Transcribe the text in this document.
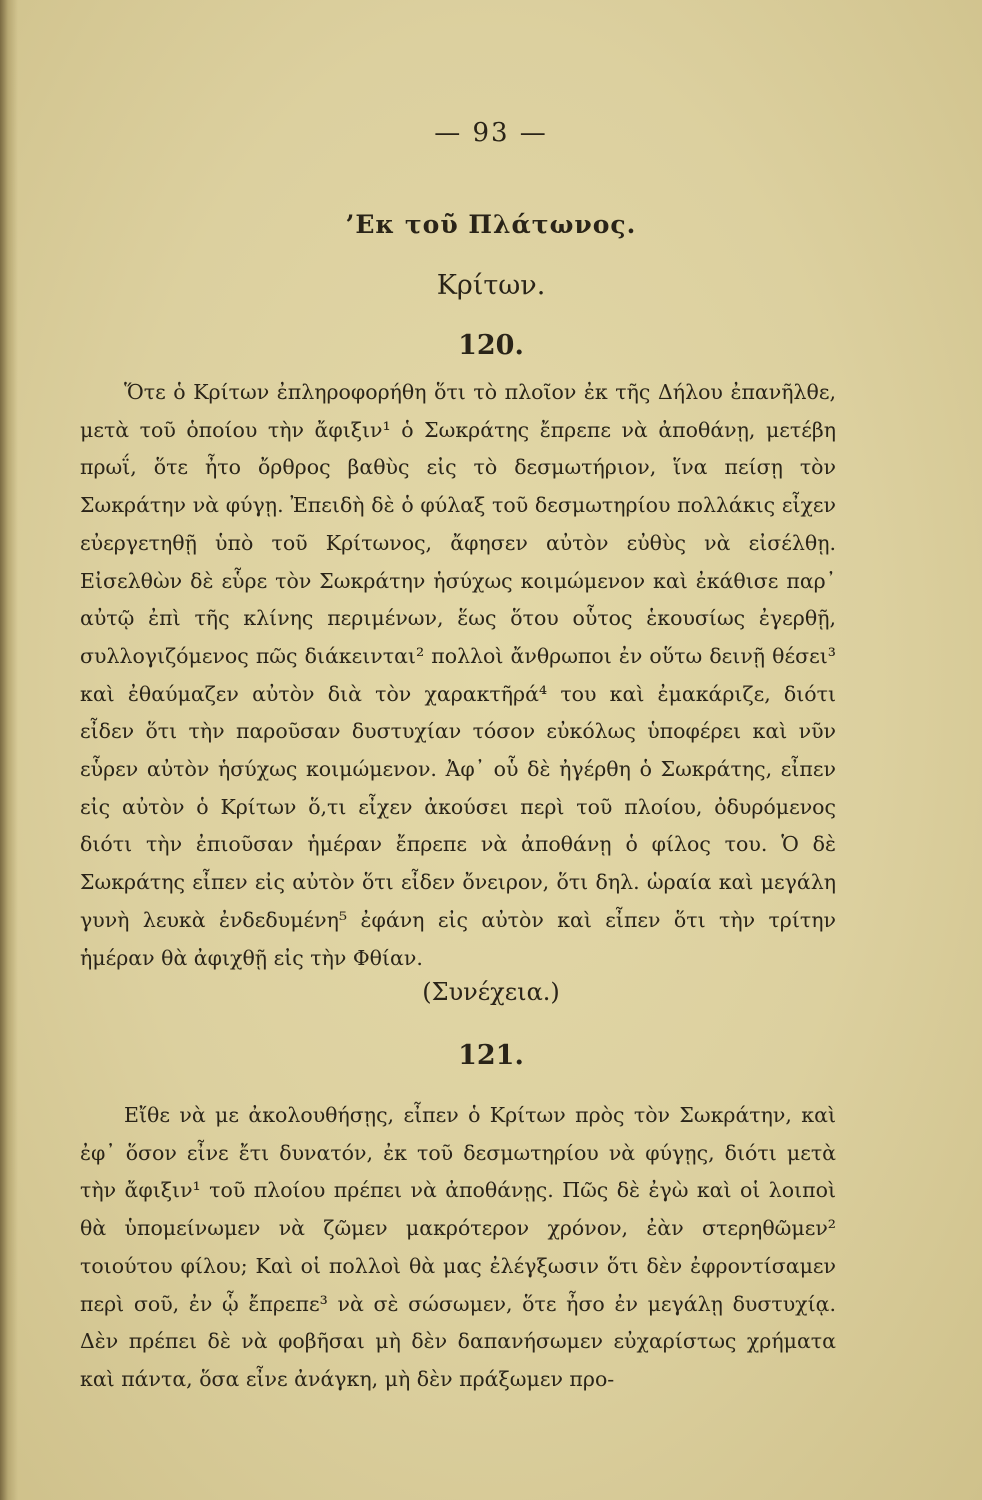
— 93 —
’Εκ τοῦ Πλάτωνος.
Κρίτων.
120.

Ὅτε ὁ Κρίτων ἐπληροφορήθη ὅτι τὸ πλοῖον ἐκ τῆς Δήλου ἐπανῆλθε, μετὰ τοῦ ὁποίου τὴν ἄφιξιν¹ ὁ Σωκράτης ἔπρεπε νὰ ἀποθάνῃ, μετέβη πρωΐ, ὅτε ἦτο ὄρθρος βαθὺς εἰς τὸ δεσμωτήριον, ἵνα πείσῃ τὸν Σωκράτην νὰ φύγῃ. Ἐπειδὴ δὲ ὁ φύλαξ τοῦ δεσμωτηρίου πολλάκις εἶχεν εὐεργετηθῇ ὑπὸ τοῦ Κρίτωνος, ἄφησεν αὐτὸν εὐθὺς νὰ εἰσέλθῃ. Εἰσελθὼν δὲ εὗρε τὸν Σωκράτην ἡσύχως κοιμώμενον καὶ ἐκάθισε παρ᾽ αὐτῷ ἐπὶ τῆς κλίνης περιμένων, ἕως ὅτου οὗτος ἑκουσίως ἐγερθῇ, συλλογιζόμενος πῶς διάκεινται² πολλοὶ ἄνθρωποι ἐν οὕτω δεινῇ θέσει³ καὶ ἐθαύμαζεν αὐτὸν διὰ τὸν χαρακτῆρά⁴ του καὶ ἐμακάριζε, διότι εἶδεν ὅτι τὴν παροῦσαν δυστυχίαν τόσον εὐκόλως ὑποφέρει καὶ νῦν εὗρεν αὐτὸν ἡσύχως κοιμώμενον. Ἀφ᾽ οὗ δὲ ἠγέρθη ὁ Σωκράτης, εἶπεν εἰς αὐτὸν ὁ Κρίτων ὅ,τι εἶχεν ἀκούσει περὶ τοῦ πλοίου, ὀδυρόμενος διότι τὴν ἐπιοῦσαν ἡμέραν ἔπρεπε νὰ ἀποθάνῃ ὁ φίλος του. Ὁ δὲ Σωκράτης εἶπεν εἰς αὐτὸν ὅτι εἶδεν ὄνειρον, ὅτι δηλ. ὡραία καὶ μεγάλη γυνὴ λευκὰ ἐνδεδυμένη⁵ ἐφάνη εἰς αὐτὸν καὶ εἶπεν ὅτι τὴν τρίτην ἡμέραν θὰ ἀφιχθῇ εἰς τὴν Φθίαν.

(Συνέχεια.)
121.

Εἴθε νὰ με ἀκολουθήσῃς, εἶπεν ὁ Κρίτων πρὸς τὸν Σωκράτην, καὶ ἐφ᾽ ὅσον εἶνε ἔτι δυνατόν, ἐκ τοῦ δεσμωτηρίου νὰ φύγῃς, διότι μετὰ τὴν ἄφιξιν¹ τοῦ πλοίου πρέπει νὰ ἀποθάνῃς. Πῶς δὲ ἐγὼ καὶ οἱ λοιποὶ θὰ ὑπομείνωμεν νὰ ζῶμεν μακρότερον χρόνον, ἐὰν στερηθῶμεν² τοιούτου φίλου; Καὶ οἱ πολλοὶ θὰ μας ἐλέγξωσιν ὅτι δὲν ἐφροντίσαμεν περὶ σοῦ, ἐν ᾧ ἔπρεπε³ νὰ σὲ σώσωμεν, ὅτε ἦσο ἐν μεγάλῃ δυστυχίᾳ. Δὲν πρέπει δὲ νὰ φοβῆσαι μὴ δὲν δαπανήσωμεν εὐχαρίστως χρήματα καὶ πάντα, ὅσα εἶνε ἀνάγκη, μὴ δὲν πράξωμεν προ-
